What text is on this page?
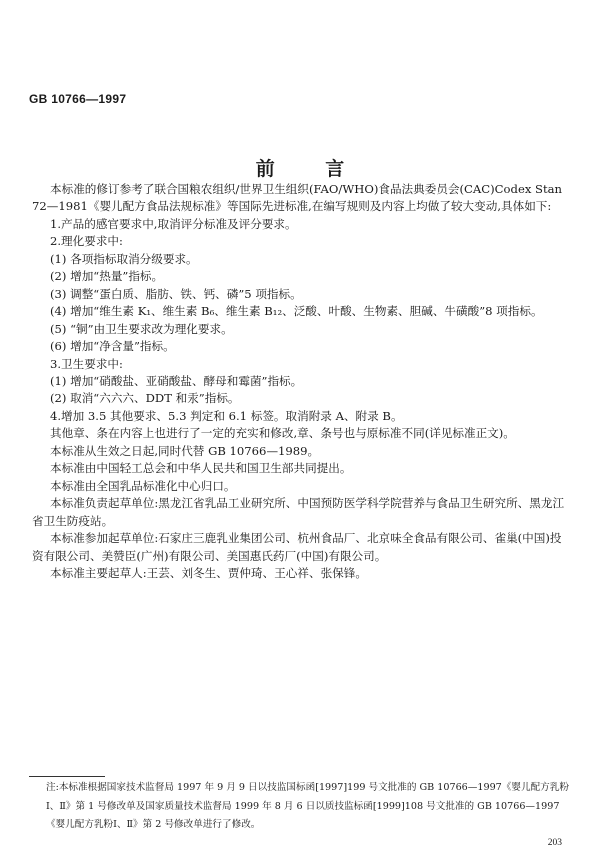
GB 10766—1997
前 言

本标准的修订参考了联合国粮农组织/世界卫生组织(FAO/WHO)食品法典委员会(CAC)Codex Stan 72—1981《婴儿配方食品法规标准》等国际先进标准,在编写规则及内容上均做了较大变动,具体如下:

1.产品的感官要求中,取消评分标准及评分要求。

2.理化要求中:

(1) 各项指标取消分级要求。

(2) 增加“热量”指标。

(3) 调整“蛋白质、脂肪、铁、钙、磷”5 项指标。

(4) 增加“维生素 K₁、维生素 B₆、维生素 B₁₂、泛酸、叶酸、生物素、胆碱、牛磺酸”8 项指标。

(5) “铜”由卫生要求改为理化要求。

(6) 增加“净含量”指标。

3.卫生要求中:

(1) 增加“硝酸盐、亚硝酸盐、酵母和霉菌”指标。

(2) 取消“六六六、DDT 和汞”指标。

4.增加 3.5 其他要求、5.3 判定和 6.1 标签。取消附录 A、附录 B。

其他章、条在内容上也进行了一定的充实和修改,章、条号也与原标准不同(详见标准正文)。

本标准从生效之日起,同时代替 GB 10766—1989。

本标准由中国轻工总会和中华人民共和国卫生部共同提出。

本标准由全国乳品标准化中心归口。

本标准负责起草单位:黑龙江省乳品工业研究所、中国预防医学科学院营养与食品卫生研究所、黑龙江省卫生防疫站。

本标准参加起草单位:石家庄三鹿乳业集团公司、杭州食品厂、北京味全食品有限公司、雀巢(中国)投资有限公司、美赞臣(广州)有限公司、美国惠氏药厂(中国)有限公司。

本标准主要起草人:王芸、刘冬生、贾仲琦、王心祥、张保锋。

注:本标准根据国家技术监督局 1997 年 9 月 9 日以技监国标函[1997]199 号文批准的 GB 10766—1997《婴儿配方乳粉Ⅰ、Ⅱ》第 1 号修改单及国家质量技术监督局 1999 年 8 月 6 日以质技监标函[1999]108 号文批准的 GB 10766—1997《婴儿配方乳粉Ⅰ、Ⅱ》第 2 号修改单进行了修改。

203
